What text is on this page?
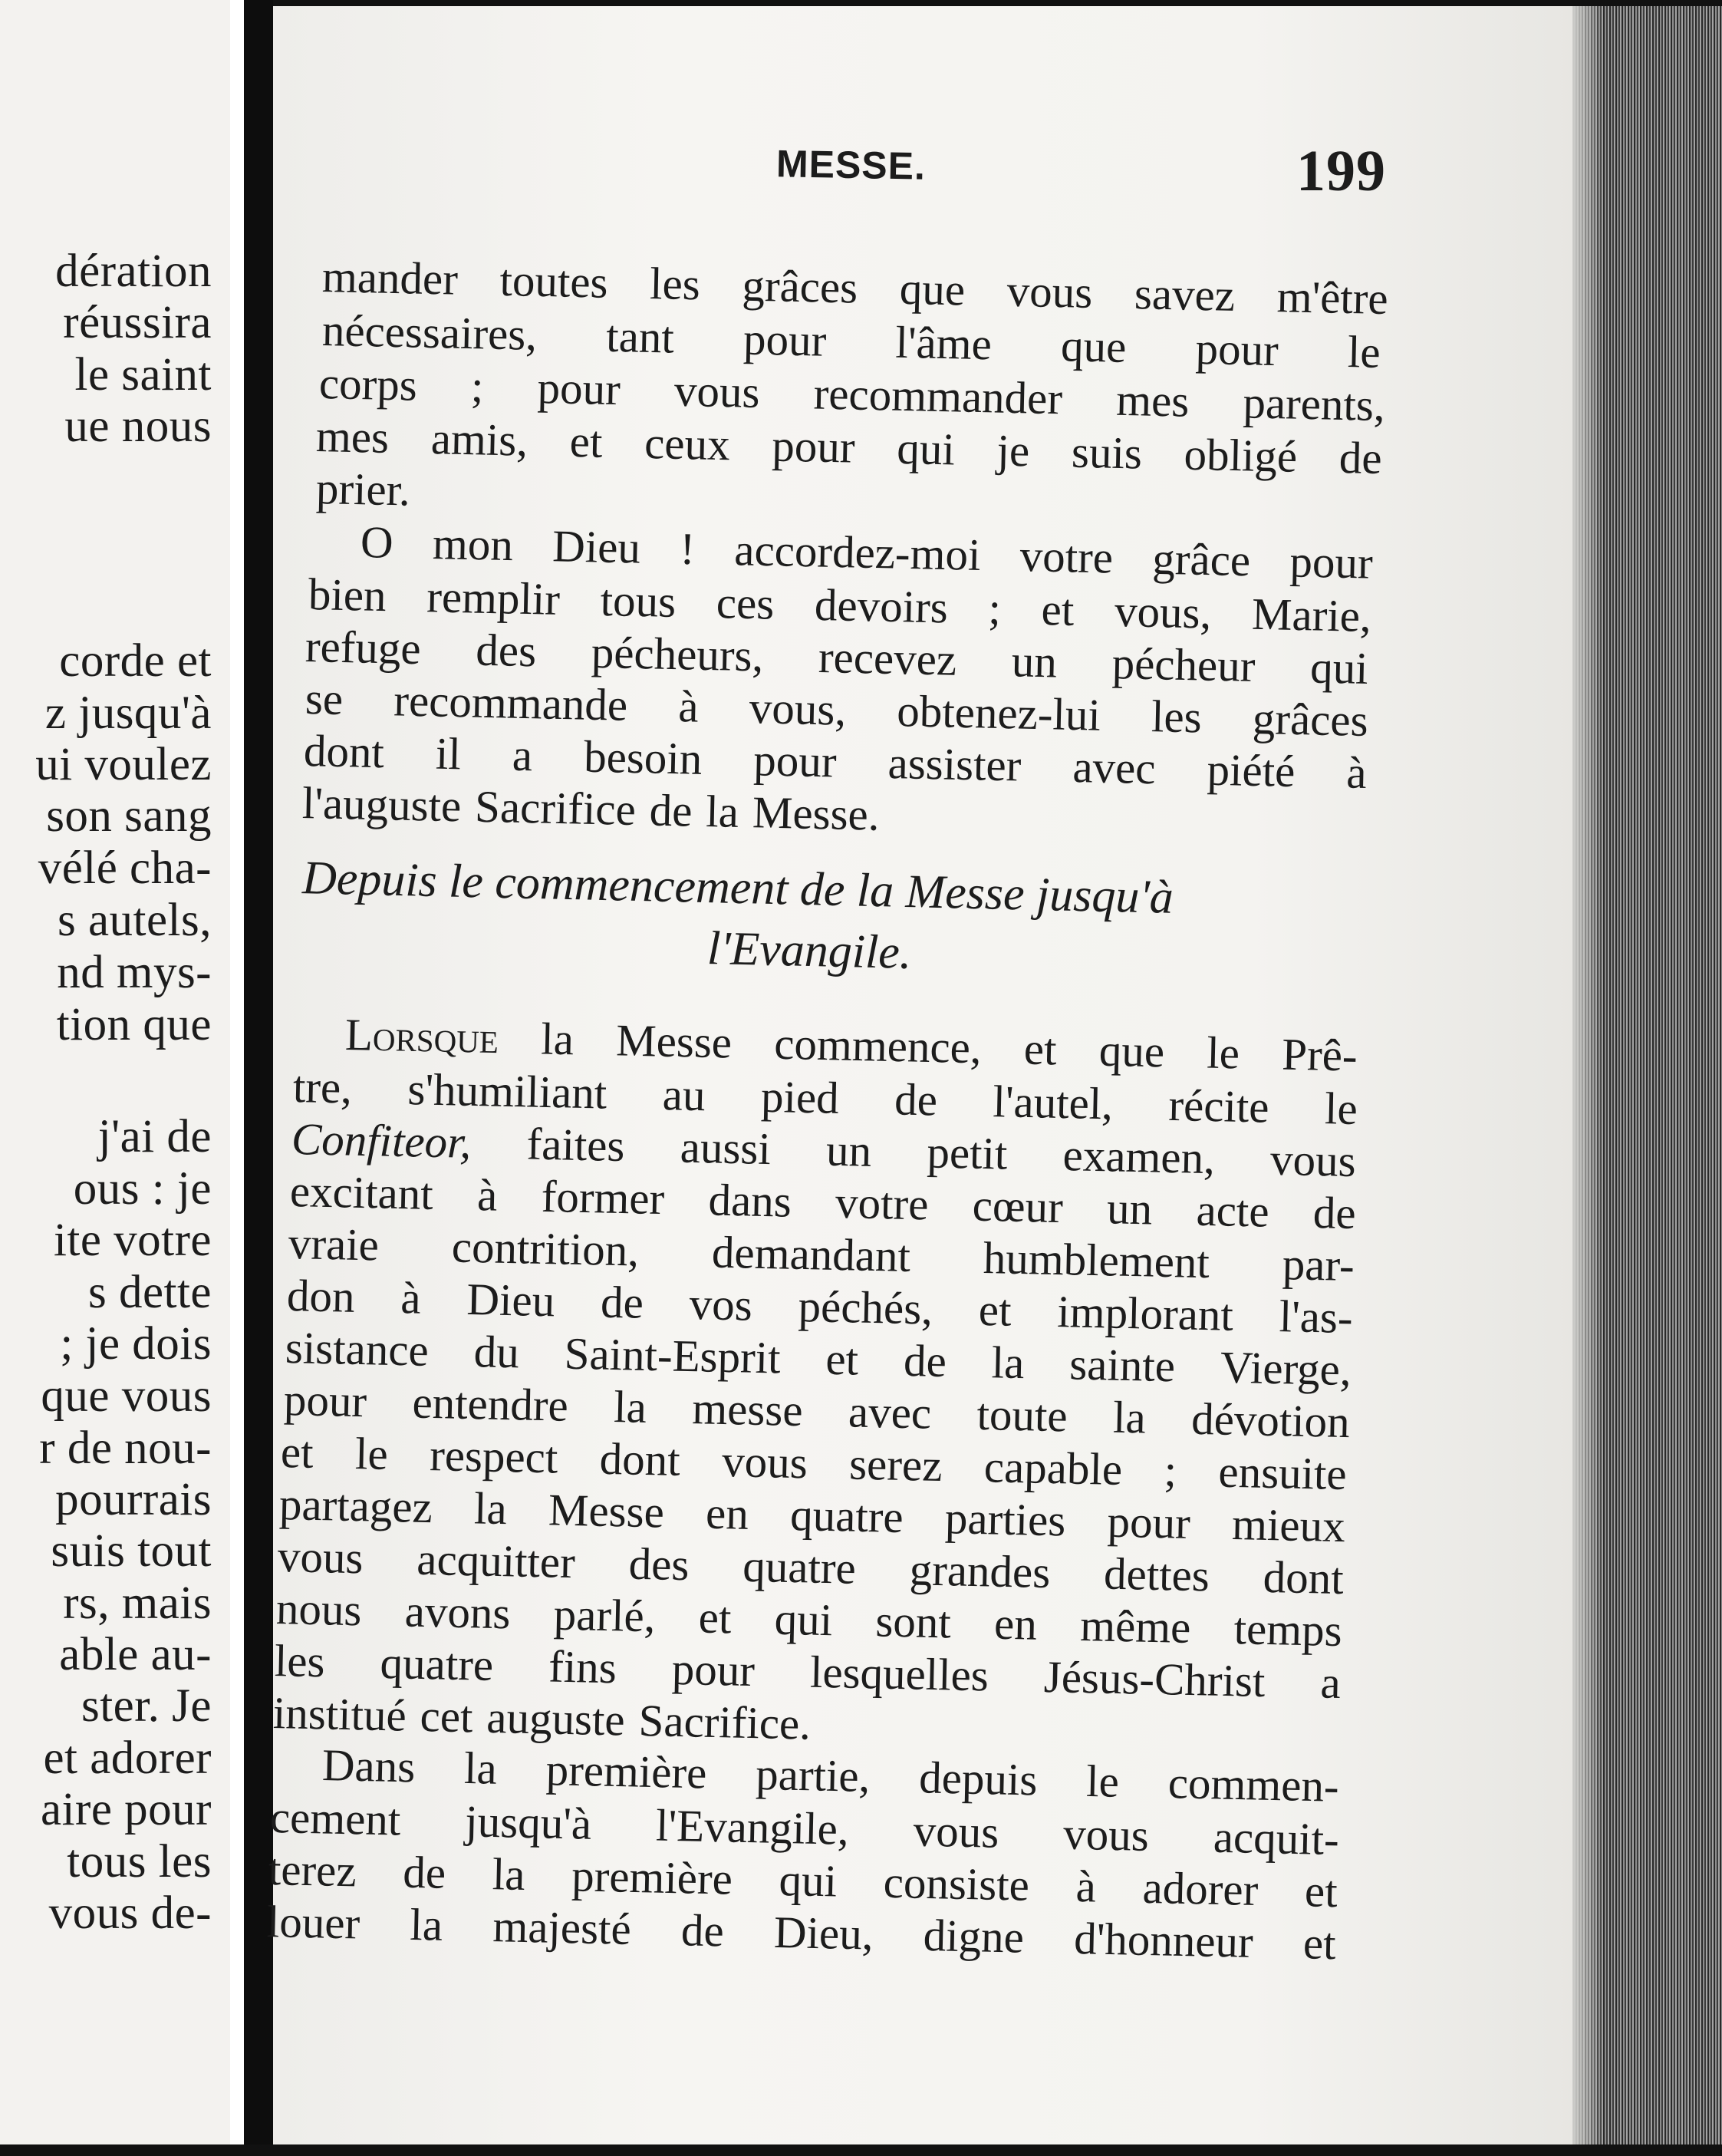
dération
réussira
le saint
ue nous
corde et
z jusqu'à
ui voulez
son sang
vélé cha-
s autels,
nd mys-
tion que
j'ai de
ous : je
ite votre
s dette
; je dois
que vous
r de nou-
pourrais
suis tout
rs, mais
able au-
ster. Je
et adorer
aire pour
tous les
vous de-
MESSE.	199
Depuis le commencement de la Messe jusqu'à
l'Evangile.
mander toutes les grâces que vous savez m'être
nécessaires, tant pour l'âme que pour le
corps ; pour vous recommander mes parents,
mes amis, et ceux pour qui je suis obligé de
prier.
O mon Dieu ! accordez-moi votre grâce pour
bien remplir tous ces devoirs ; et vous, Marie,
refuge des pécheurs, recevez un pécheur qui
se recommande à vous, obtenez-lui les grâces
dont il a besoin pour assister avec piété à
l'auguste Sacrifice de la Messe.
Lorsque la Messe commence, et que le Prê-
tre, s'humiliant au pied de l'autel, récite le
Confiteor, faites aussi un petit examen, vous
excitant à former dans votre cœur un acte de
vraie contrition, demandant humblement par-
don à Dieu de vos péchés, et implorant l'as-
sistance du Saint-Esprit et de la sainte Vierge,
pour entendre la messe avec toute la dévotion
et le respect dont vous serez capable ; ensuite
partagez la Messe en quatre parties pour mieux
vous acquitter des quatre grandes dettes dont
nous avons parlé, et qui sont en même temps
les quatre fins pour lesquelles Jésus-Christ a
institué cet auguste Sacrifice.
Dans la première partie, depuis le commen-
cement jusqu'à l'Evangile, vous vous acquit-
terez de la première qui consiste à adorer et
louer la majesté de Dieu, digne d'honneur et
